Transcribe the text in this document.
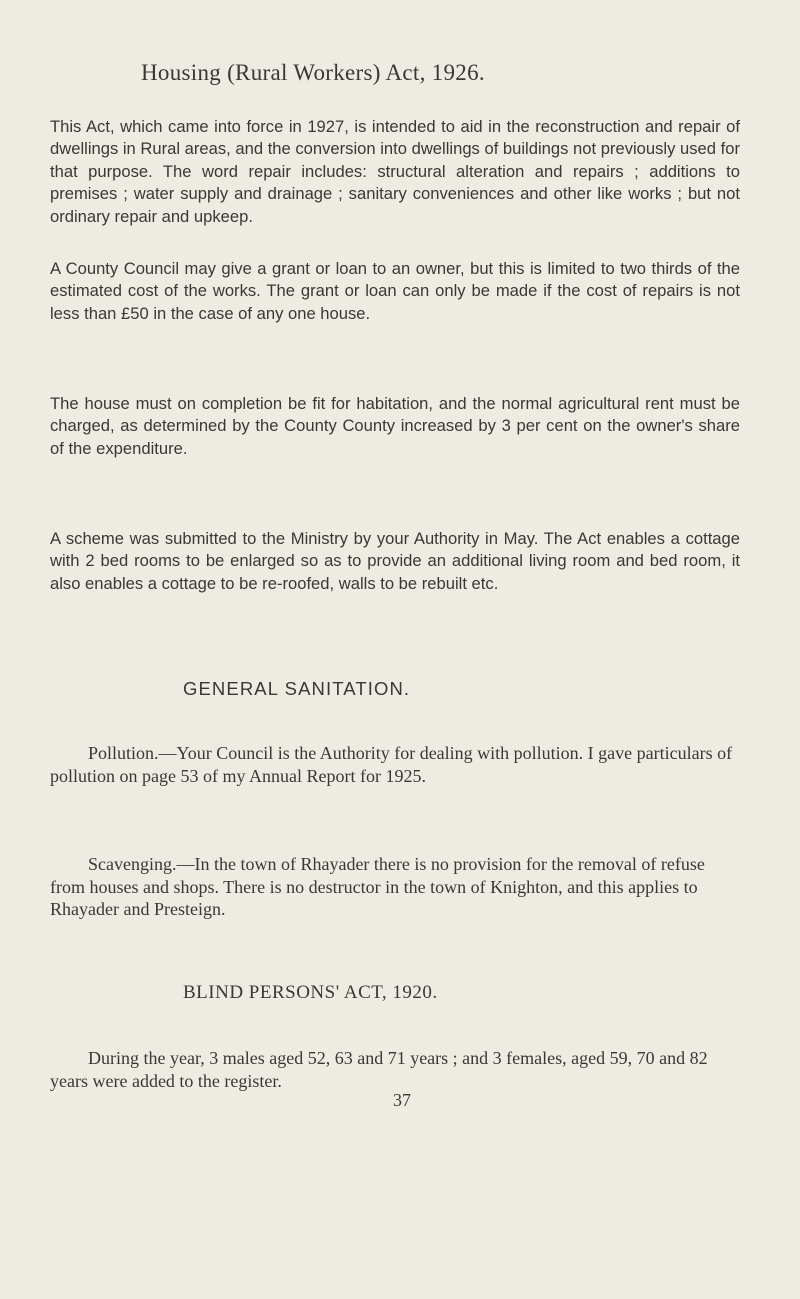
Housing (Rural Workers) Act, 1926.

This Act, which came into force in 1927, is intended to aid in the reconstruction and repair of dwellings in Rural areas, and the conversion into dwellings of buildings not previously used for that purpose. The word repair includes: structural alteration and repairs ; additions to premises ; water supply and drainage ; sanitary conveniences and other like works ; but not ordinary repair and upkeep.

A County Council may give a grant or loan to an owner, but this is limited to two thirds of the estimated cost of the works. The grant or loan can only be made if the cost of repairs is not less than £50 in the case of any one house.

The house must on completion be fit for habitation, and the normal agricultural rent must be charged, as determined by the County County increased by 3 per cent on the owner's share of the expenditure.

A scheme was submitted to the Ministry by your Authority in May. The Act enables a cottage with 2 bed rooms to be enlarged so as to provide an additional living room and bed room, it also enables a cottage to be re-roofed, walls to be rebuilt etc.

GENERAL SANITATION.

Pollution.—Your Council is the Authority for dealing with pollution. I gave particulars of pollution on page 53 of my Annual Report for 1925.

Scavenging.—In the town of Rhayader there is no provision for the removal of refuse from houses and shops. There is no destructor in the town of Knighton, and this applies to Rhayader and Presteign.

BLIND PERSONS' ACT, 1920.

During the year, 3 males aged 52, 63 and 71 years ; and 3 females, aged 59, 70 and 82 years were added to the register.

37
